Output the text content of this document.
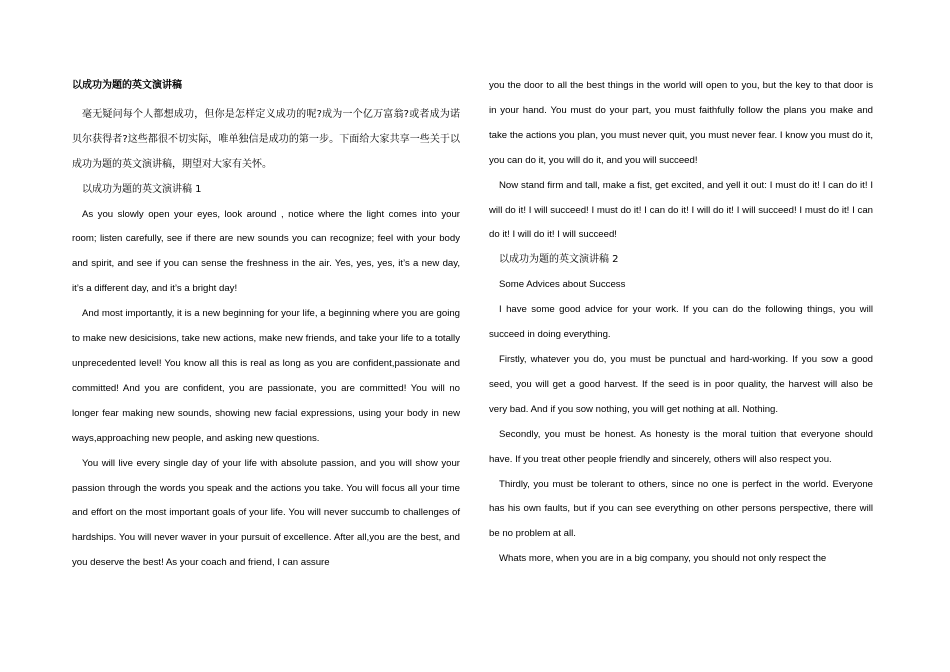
以成功为题的英文演讲稿

毫无疑问每个人都想成功，但你是怎样定义成功的呢?成为一个亿万富翁?或者成为诺贝尔获得者?这些都很不切实际，唯单独信是成功的第一步。下面给大家共享一些关于以成功为题的英文演讲稿，期望对大家有关怀。

以成功为题的英文演讲稿 1

As you slowly open your eyes, look around , notice where the light comes into your room; listen carefully, see if there are new sounds you can recognize; feel with your body and spirit, and see if you can sense the freshness in the air. Yes, yes, yes, it’s a new day, it’s a different day, and it’s a bright day!

And most importantly, it is a new beginning for your life, a beginning where you are going to make new desicisions, take new actions, make new friends, and take your life to a totally unprecedented level! You know all this is real as long as you are confident,passionate and committed! And you are confident, you are passionate, you are committed! You will no longer fear making new sounds, showing new facial expressions, using your body in new ways,approaching new people, and asking new questions.

You will live every single day of your life with absolute passion, and you will show your passion through the words you speak and the actions you take. You will focus all your time and effort on the most important goals of your life. You will never succumb to challenges of hardships. You will never waver in your pursuit of excellence. After all,you are the best, and you deserve the best! As your coach and friend, I can assure

you the door to all the best things in the world will open to you, but the key to that door is in your hand. You must do your part, you must faithfully follow the plans you make and take the actions you plan, you must never quit, you must never fear. I know you must do it, you can do it, you will do it, and you will succeed!

Now stand firm and tall, make a fist, get excited, and yell it out: I must do it! I can do it! I will do it! I will succeed! I must do it! I can do it! I will do it! I will succeed! I must do it! I can do it! I will do it! I will succeed!

以成功为题的英文演讲稿 2

Some Advices about Success

I have some good advice for your work. If you can do the following things, you will succeed in doing everything.

Firstly, whatever you do, you must be punctual and hard-working. If you sow a good seed, you will get a good harvest. If the seed is in poor quality, the harvest will also be very bad. And if you sow nothing, you will get nothing at all. Nothing.

Secondly, you must be honest. As honesty is the moral tuition that everyone should have. If you treat other people friendly and sincerely, others will also respect you.

Thirdly, you must be tolerant to others, since no one is perfect in the world. Everyone has his own faults, but if you can see everything on other persons perspective, there will be no problem at all.

Whats more, when you are in a big company, you should not only respect the
